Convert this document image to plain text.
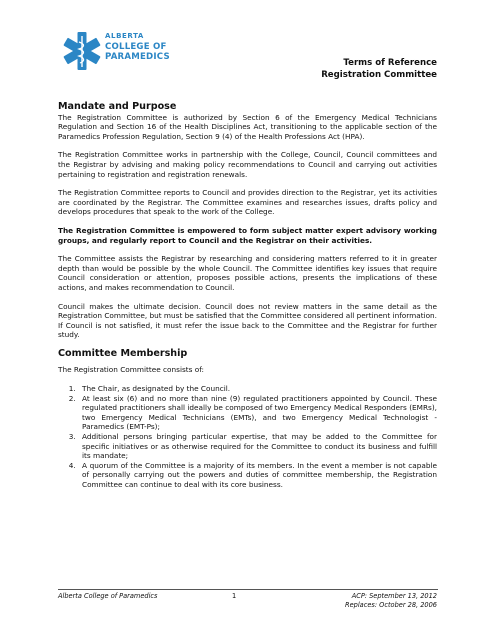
ALBERTA
COLLEGE OF
PARAMEDICS
Terms of Reference
Registration Committee
Mandate and Purpose

The Registration Committee is authorized by Section 6 of the Emergency Medical Technicians Regulation and Section 16 of the Health Disciplines Act, transitioning to the applicable section of the Paramedics Profession Regulation, Section 9 (4) of the Health Professions Act (HPA).

The Registration Committee works in partnership with the College, Council, Council committees and the Registrar by advising and making policy recommendations to Council and carrying out activities pertaining to registration and registration renewals.

The Registration Committee reports to Council and provides direction to the Registrar, yet its activities are coordinated by the Registrar. The Committee examines and researches issues, drafts policy and develops procedures that speak to the work of the College.

The Registration Committee is empowered to form subject matter expert advisory working groups, and regularly report to Council and the Registrar on their activities.

The Committee assists the Registrar by researching and considering matters referred to it in greater depth than would be possible by the whole Council. The Committee identifies key issues that require Council consideration or attention, proposes possible actions, presents the implications of these actions, and makes recommendation to Council.

Council makes the ultimate decision. Council does not review matters in the same detail as the Registration Committee, but must be satisfied that the Committee considered all pertinent information. If Council is not satisfied, it must refer the issue back to the Committee and the Registrar for further study.

Committee Membership

The Registration Committee consists of:

1. The Chair, as designated by the Council.
2. At least six (6) and no more than nine (9) regulated practitioners appointed by Council. These regulated practitioners shall ideally be composed of two Emergency Medical Responders (EMRs), two Emergency Medical Technicians (EMTs), and two Emergency Medical Technologist - Paramedics (EMT-Ps);
3. Additional persons bringing particular expertise, that may be added to the Committee for specific initiatives or as otherwise required for the Committee to conduct its business and fulfill its mandate;
4. A quorum of the Committee is a majority of its members. In the event a member is not capable of personally carrying out the powers and duties of committee membership, the Registration Committee can continue to deal with its core business.
Alberta College of Paramedics	1	ACP: September 13, 2012
Replaces: October 28, 2006
